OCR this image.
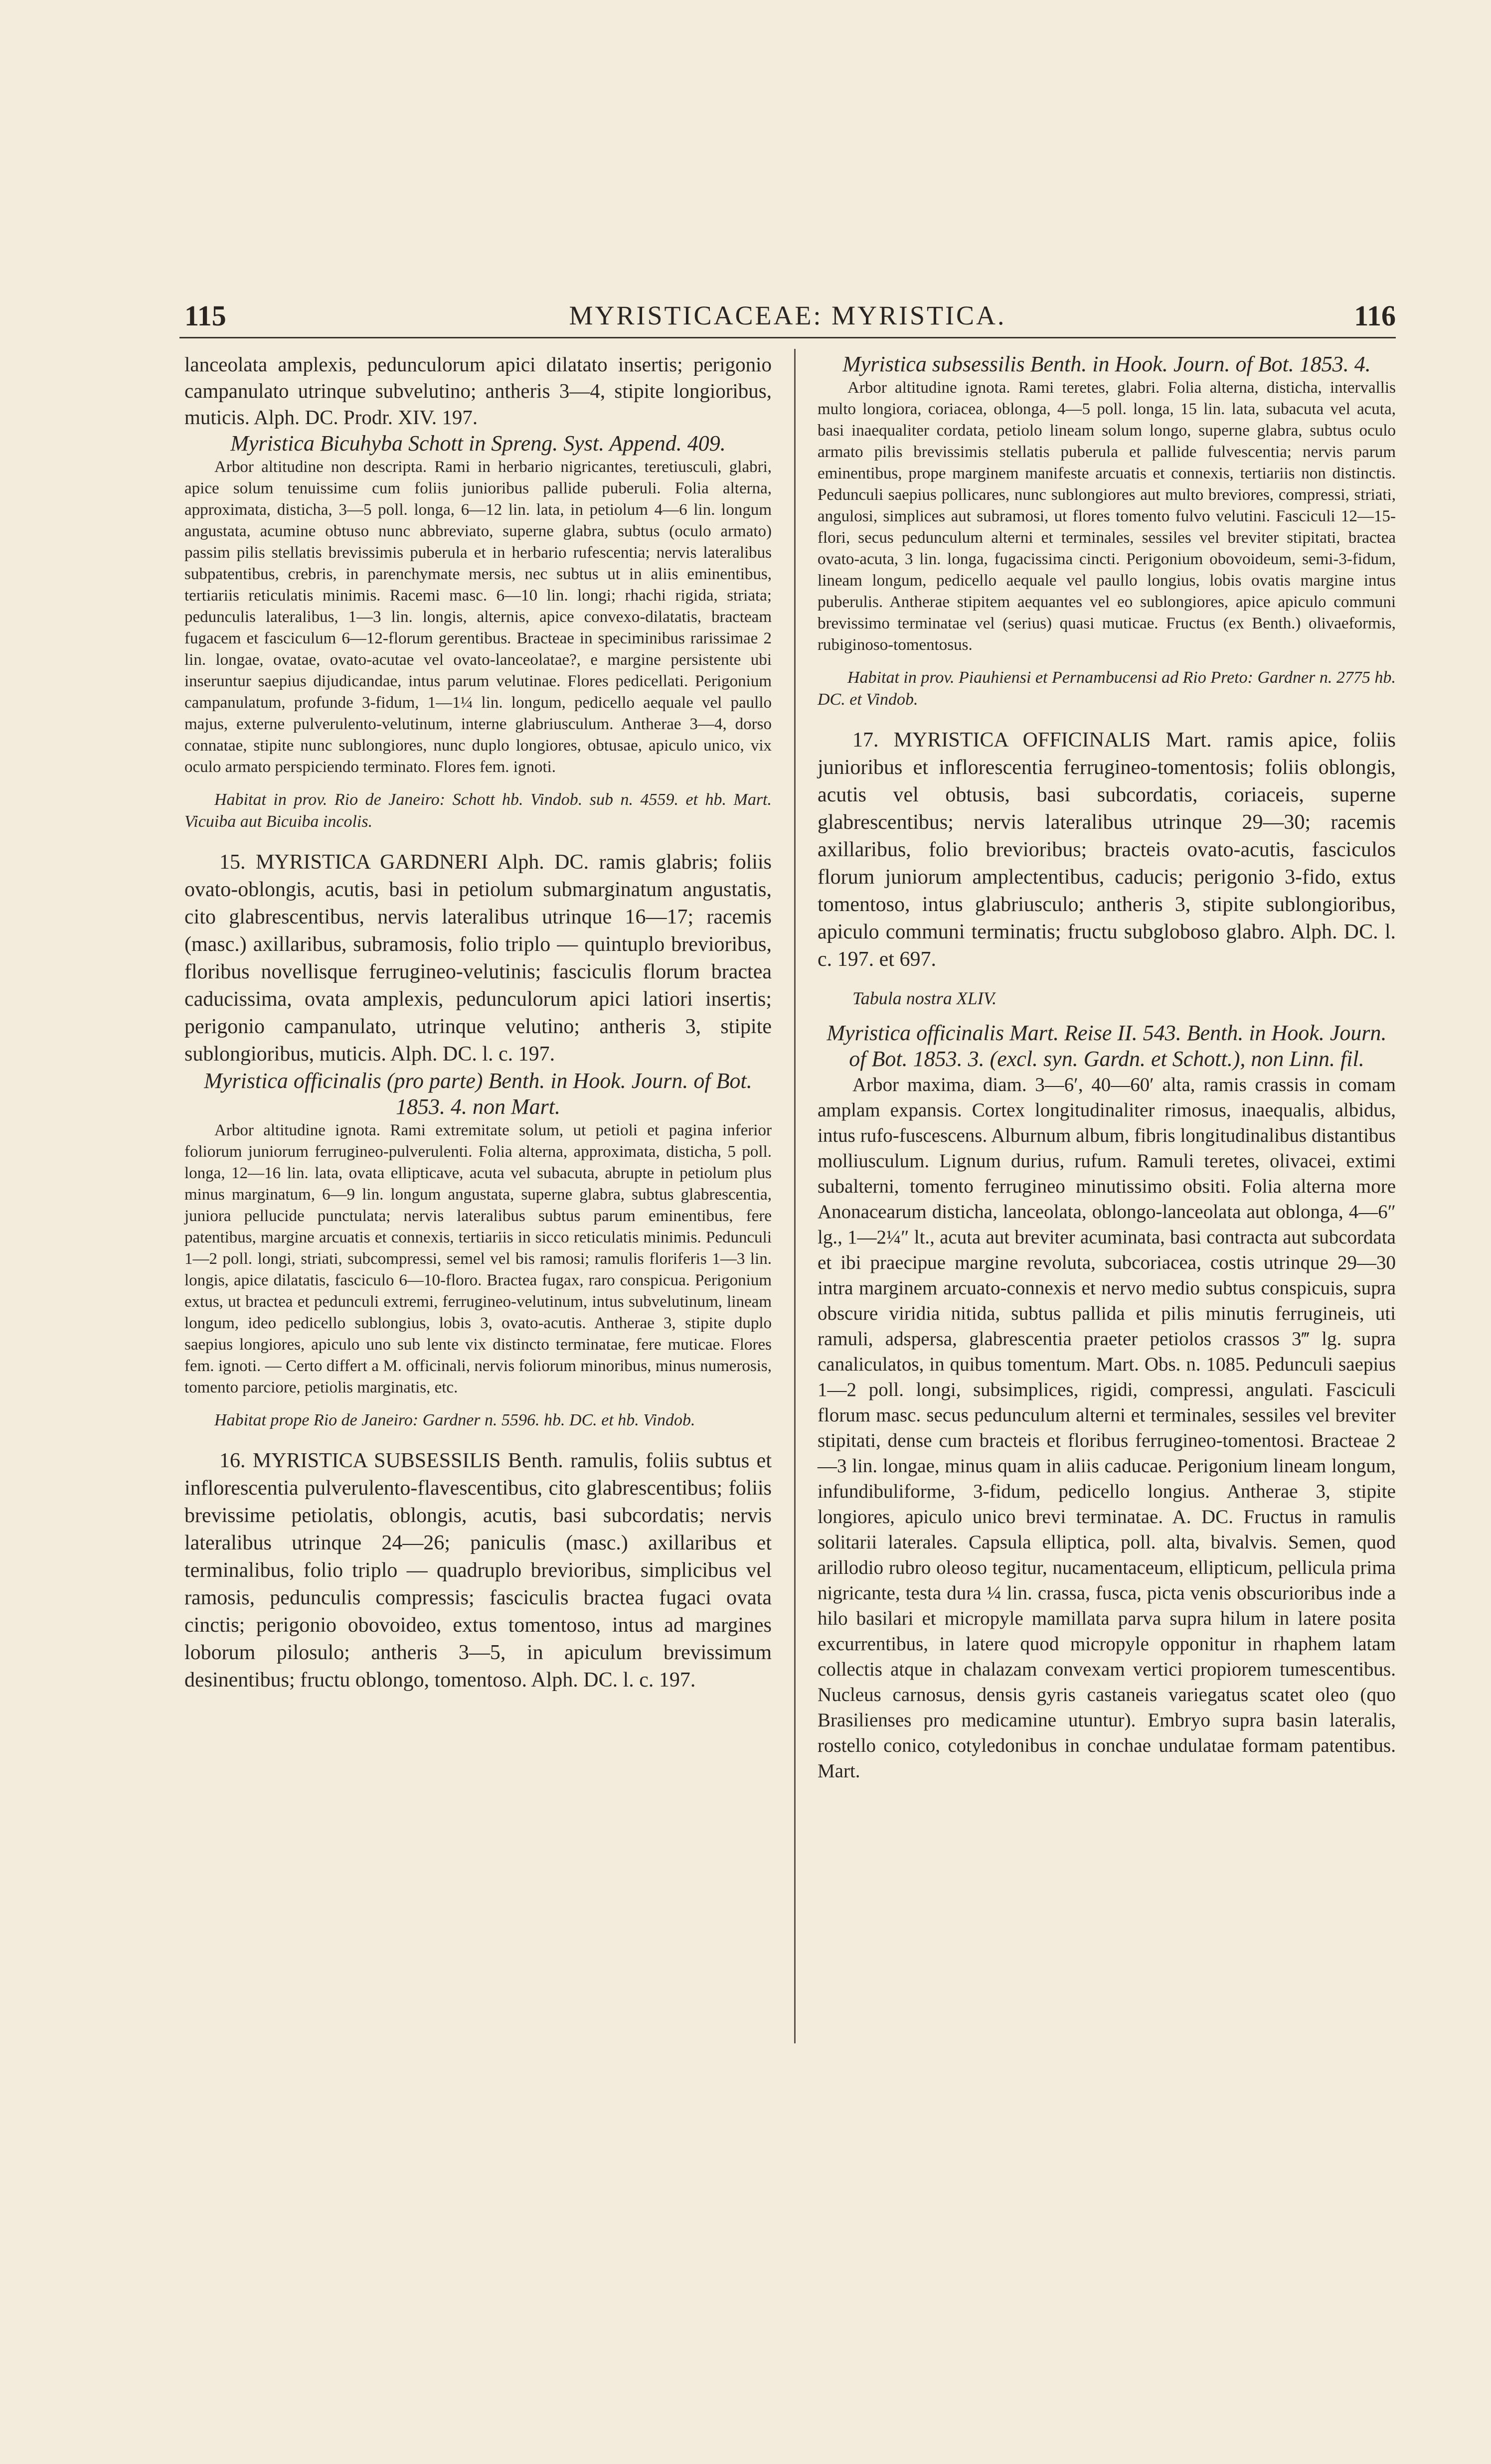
115	MYRISTICACEAE: MYRISTICA.	116

lanceolata amplexis, pedunculorum apici dilatato insertis; perigonio campanulato utrinque subvelutino; antheris 3—4, stipite longioribus, muticis. Alph. DC. Prodr. XIV. 197.

Myristica Bicuhyba Schott in Spreng. Syst. Append. 409.

Arbor altitudine non descripta. Rami in herbario nigricantes, teretiusculi, glabri, apice solum tenuissime cum foliis junioribus pallide puberuli. Folia alterna, approximata, disticha, 3—5 poll. longa, 6—12 lin. lata, in petiolum 4—6 lin. longum angustata, acumine obtuso nunc abbreviato, superne glabra, subtus (oculo armato) passim pilis stellatis brevissimis puberula et in herbario rufescentia; nervis lateralibus subpatentibus, crebris, in parenchymate mersis, nec subtus ut in aliis eminentibus, tertiariis reticulatis minimis. Racemi masc. 6—10 lin. longi; rhachi rigida, striata; pedunculis lateralibus, 1—3 lin. longis, alternis, apice convexo-dilatatis, bracteam fugacem et fasciculum 6—12-florum gerentibus. Bracteae in speciminibus rarissimae 2 lin. longae, ovatae, ovato-acutae vel ovato-lanceolatae?, e margine persistente ubi inseruntur saepius dijudicandae, intus parum velutinae. Flores pedicellati. Perigonium campanulatum, profunde 3-fidum, 1—1¼ lin. longum, pedicello aequale vel paullo majus, externe pulverulento-velutinum, interne glabriusculum. Antherae 3—4, dorso connatae, stipite nunc sublongiores, nunc duplo longiores, obtusae, apiculo unico, vix oculo armato perspiciendo terminato. Flores fem. ignoti.

Habitat in prov. Rio de Janeiro: Schott hb. Vindob. sub n. 4559. et hb. Mart. Vicuiba aut Bicuiba incolis.

15. MYRISTICA GARDNERI Alph. DC. ramis glabris; foliis ovato-oblongis, acutis, basi in petiolum submarginatum angustatis, cito glabrescentibus, nervis lateralibus utrinque 16—17; racemis (masc.) axillaribus, subramosis, folio triplo — quintuplo brevioribus, floribus novellisque ferrugineo-velutinis; fasciculis florum bractea caducissima, ovata amplexis, pedunculorum apici latiori insertis; perigonio campanulato, utrinque velutino; antheris 3, stipite sublongioribus, muticis. Alph. DC. l. c. 197.

Myristica officinalis (pro parte) Benth. in Hook. Journ. of Bot. 1853. 4. non Mart.

Arbor altitudine ignota. Rami extremitate solum, ut petioli et pagina inferior foliorum juniorum ferrugineo-pulverulenti. Folia alterna, approximata, disticha, 5 poll. longa, 12—16 lin. lata, ovata ellipticave, acuta vel subacuta, abrupte in petiolum plus minus marginatum, 6—9 lin. longum angustata, superne glabra, subtus glabrescentia, juniora pellucide punctulata; nervis lateralibus subtus parum eminentibus, fere patentibus, margine arcuatis et connexis, tertiariis in sicco reticulatis minimis. Pedunculi 1—2 poll. longi, striati, subcompressi, semel vel bis ramosi; ramulis floriferis 1—3 lin. longis, apice dilatatis, fasciculo 6—10-floro. Bractea fugax, raro conspicua. Perigonium extus, ut bractea et pedunculi extremi, ferrugineo-velutinum, intus subvelutinum, lineam longum, ideo pedicello sublongius, lobis 3, ovato-acutis. Antherae 3, stipite duplo saepius longiores, apiculo uno sub lente vix distincto terminatae, fere muticae. Flores fem. ignoti. — Certo differt a M. officinali, nervis foliorum minoribus, minus numerosis, tomento parciore, petiolis marginatis, etc.

Habitat prope Rio de Janeiro: Gardner n. 5596. hb. DC. et hb. Vindob.

16. MYRISTICA SUBSESSILIS Benth. ramulis, foliis subtus et inflorescentia pulverulento-flavescentibus, cito glabrescentibus; foliis brevissime petiolatis, oblongis, acutis, basi subcordatis; nervis lateralibus utrinque 24—26; paniculis (masc.) axillaribus et terminalibus, folio triplo — quadruplo brevioribus, simplicibus vel ramosis, pedunculis compressis; fasciculis bractea fugaci ovata cinctis; perigonio obovoideo, extus tomentoso, intus ad margines loborum pilosulo; antheris 3—5, in apiculum brevissimum desinentibus; fructu oblongo, tomentoso. Alph. DC. l. c. 197.

Myristica subsessilis Benth. in Hook. Journ. of Bot. 1853. 4.

Arbor altitudine ignota. Rami teretes, glabri. Folia alterna, disticha, intervallis multo longiora, coriacea, oblonga, 4—5 poll. longa, 15 lin. lata, subacuta vel acuta, basi inaequaliter cordata, petiolo lineam solum longo, superne glabra, subtus oculo armato pilis brevissimis stellatis puberula et pallide fulvescentia; nervis parum eminentibus, prope marginem manifeste arcuatis et connexis, tertiariis non distinctis. Pedunculi saepius pollicares, nunc sublongiores aut multo breviores, compressi, striati, angulosi, simplices aut subramosi, ut flores tomento fulvo velutini. Fasciculi 12—15-flori, secus pedunculum alterni et terminales, sessiles vel breviter stipitati, bractea ovato-acuta, 3 lin. longa, fugacissima cincti. Perigonium obovoideum, semi-3-fidum, lineam longum, pedicello aequale vel paullo longius, lobis ovatis margine intus puberulis. Antherae stipitem aequantes vel eo sublongiores, apice apiculo communi brevissimo terminatae vel (serius) quasi muticae. Fructus (ex Benth.) olivaeformis, rubiginoso-tomentosus.

Habitat in prov. Piauhiensi et Pernambucensi ad Rio Preto: Gardner n. 2775 hb. DC. et Vindob.

17. MYRISTICA OFFICINALIS Mart. ramis apice, foliis junioribus et inflorescentia ferrugineo-tomentosis; foliis oblongis, acutis vel obtusis, basi subcordatis, coriaceis, superne glabrescentibus; nervis lateralibus utrinque 29—30; racemis axillaribus, folio brevioribus; bracteis ovato-acutis, fasciculos florum juniorum amplectentibus, caducis; perigonio 3-fido, extus tomentoso, intus glabriusculo; antheris 3, stipite sublongioribus, apiculo communi terminatis; fructu subgloboso glabro. Alph. DC. l. c. 197. et 697.

Tabula nostra XLIV.

Myristica officinalis Mart. Reise II. 543. Benth. in Hook. Journ. of Bot. 1853. 3. (excl. syn. Gardn. et Schott.), non Linn. fil.

Arbor maxima, diam. 3—6′, 40—60′ alta, ramis crassis in comam amplam expansis. Cortex longitudinaliter rimosus, inaequalis, albidus, intus rufo-fuscescens. Alburnum album, fibris longitudinalibus distantibus molliusculum. Lignum durius, rufum. Ramuli teretes, olivacei, extimi subalterni, tomento ferrugineo minutissimo obsiti. Folia alterna more Anonacearum disticha, lanceolata, oblongo-lanceolata aut oblonga, 4—6″ lg., 1—2¼″ lt., acuta aut breviter acuminata, basi contracta aut subcordata et ibi praecipue margine revoluta, subcoriacea, costis utrinque 29—30 intra marginem arcuato-connexis et nervo medio subtus conspicuis, supra obscure viridia nitida, subtus pallida et pilis minutis ferrugineis, uti ramuli, adspersa, glabrescentia praeter petiolos crassos 3‴ lg. supra canaliculatos, in quibus tomentum. Mart. Obs. n. 1085. Pedunculi saepius 1—2 poll. longi, subsimplices, rigidi, compressi, angulati. Fasciculi florum masc. secus pedunculum alterni et terminales, sessiles vel breviter stipitati, dense cum bracteis et floribus ferrugineo-tomentosi. Bracteae 2—3 lin. longae, minus quam in aliis caducae. Perigonium lineam longum, infundibuliforme, 3-fidum, pedicello longius. Antherae 3, stipite longiores, apiculo unico brevi terminatae. A. DC. Fructus in ramulis solitarii laterales. Capsula elliptica, poll. alta, bivalvis. Semen, quod arillodio rubro oleoso tegitur, nucamentaceum, ellipticum, pellicula prima nigricante, testa dura ¼ lin. crassa, fusca, picta venis obscurioribus inde a hilo basilari et micropyle mamillata parva supra hilum in latere posita excurrentibus, in latere quod micropyle opponitur in rhaphem latam collectis atque in chalazam convexam vertici propiorem tumescentibus. Nucleus carnosus, densis gyris castaneis variegatus scatet oleo (quo Brasilienses pro medicamine utuntur). Embryo supra basin lateralis, rostello conico, cotyledonibus in conchae undulatae formam patentibus. Mart.
